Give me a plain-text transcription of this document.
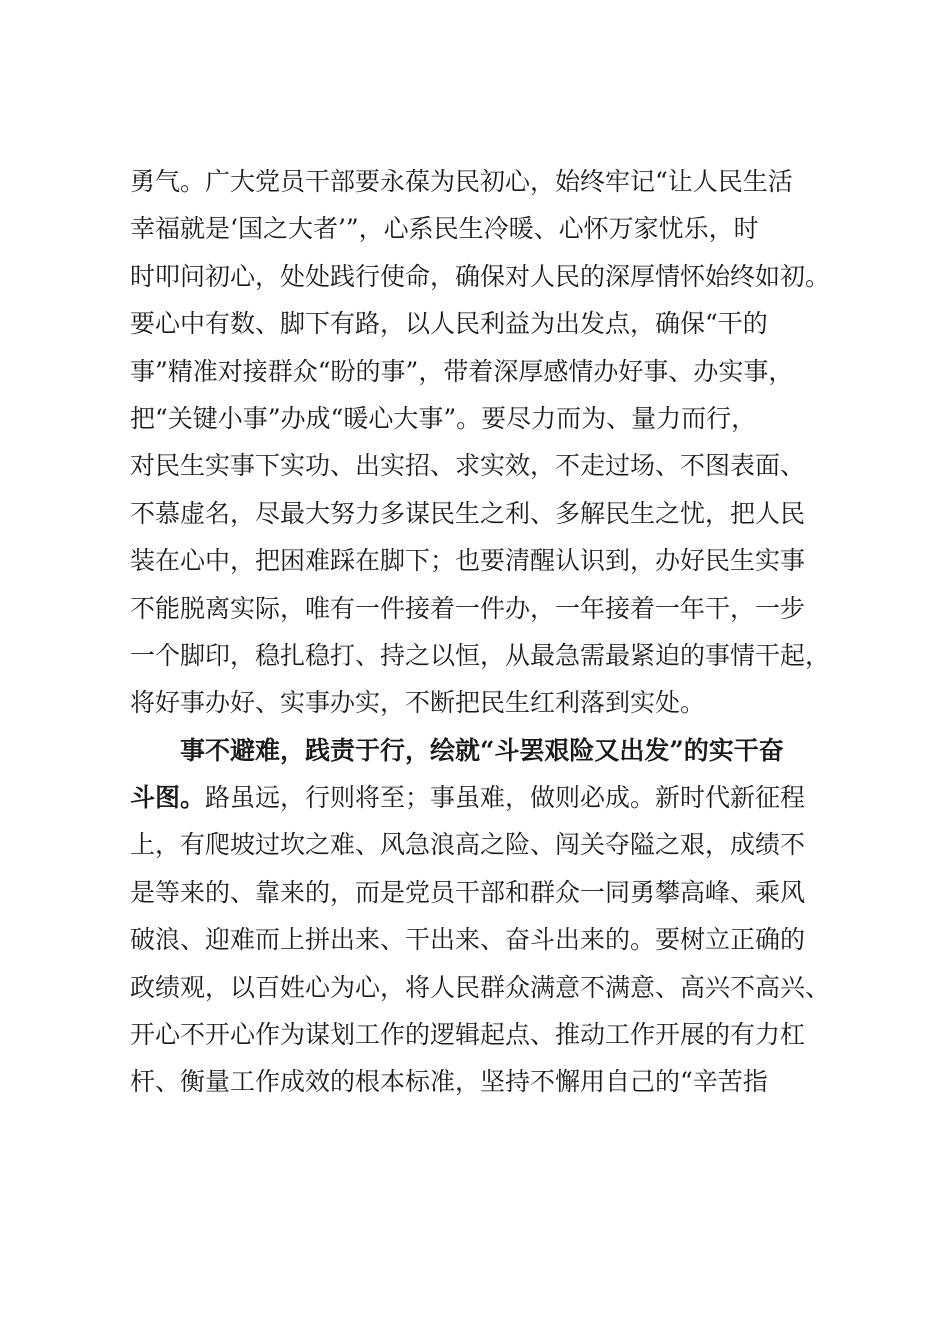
勇气。广大党员干部要永葆为民初心，始终牢记“让人民生活
幸福就是‘国之大者’”，心系民生冷暖、心怀万家忧乐，时
时叩问初心，处处践行使命，确保对人民的深厚情怀始终如初。
要心中有数、脚下有路，以人民利益为出发点，确保“干的
事”精准对接群众“盼的事”，带着深厚感情办好事、办实事，
把“关键小事”办成“暖心大事”。要尽力而为、量力而行，
对民生实事下实功、出实招、求实效，不走过场、不图表面、
不慕虚名，尽最大努力多谋民生之利、多解民生之忧，把人民
装在心中，把困难踩在脚下；也要清醒认识到，办好民生实事
不能脱离实际，唯有一件接着一件办，一年接着一年干，一步
一个脚印，稳扎稳打、持之以恒，从最急需最紧迫的事情干起，
将好事办好、实事办实，不断把民生红利落到实处。
事不避难，践责于行，绘就“斗罢艰险又出发”的实干奋
斗图。路虽远，行则将至；事虽难，做则必成。新时代新征程
上，有爬坡过坎之难、风急浪高之险、闯关夺隘之艰，成绩不
是等来的、靠来的，而是党员干部和群众一同勇攀高峰、乘风
破浪、迎难而上拼出来、干出来、奋斗出来的。要树立正确的
政绩观，以百姓心为心，将人民群众满意不满意、高兴不高兴、
开心不开心作为谋划工作的逻辑起点、推动工作开展的有力杠
杆、衡量工作成效的根本标准，坚持不懈用自己的“辛苦指
